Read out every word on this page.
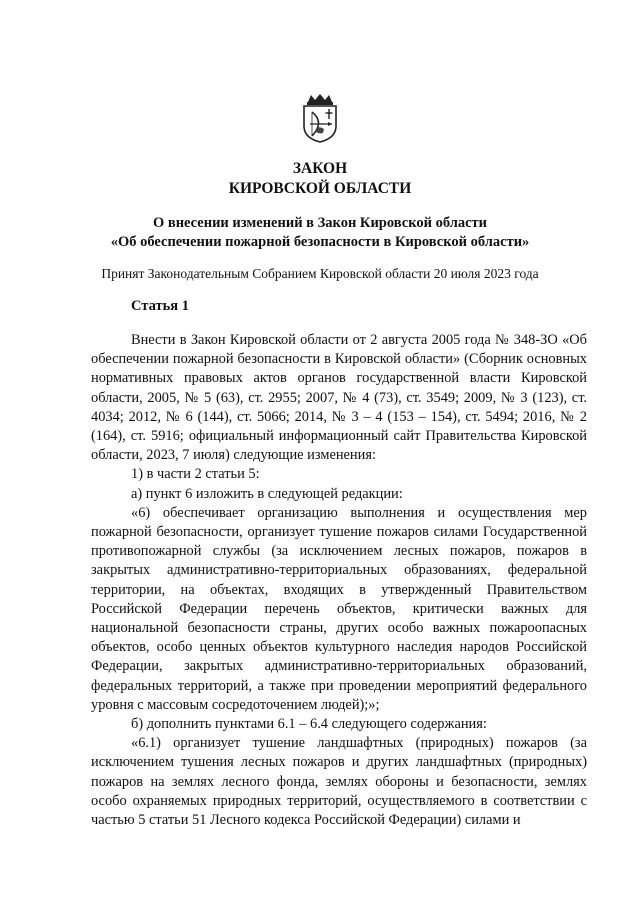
ЗАКОН
КИРОВСКОЙ ОБЛАСТИ
О внесении изменений в Закон Кировской области
«Об обеспечении пожарной безопасности в Кировской области»
Принят Законодательным Собранием Кировской области 20 июля 2023 года
Статья 1

Внести в Закон Кировской области от 2 августа 2005 года № 348-ЗО «Об обеспечении пожарной безопасности в Кировской области» (Сборник основных нормативных правовых актов органов государственной власти Кировской области, 2005, № 5 (63), ст. 2955; 2007, № 4 (73), ст. 3549; 2009, № 3 (123), ст. 4034; 2012, № 6 (144), ст. 5066; 2014, № 3 – 4 (153 – 154), ст. 5494; 2016, № 2 (164), ст. 5916; официальный информационный сайт Правительства Кировской области, 2023, 7 июля) следующие изменения:

1) в части 2 статьи 5:

а) пункт 6 изложить в следующей редакции:

«6) обеспечивает организацию выполнения и осуществления мер пожарной безопасности, организует тушение пожаров силами Государственной противопожарной службы (за исключением лесных пожаров, пожаров в закрытых административно-территориальных образованиях, федеральной территории, на объектах, входящих в утвержденный Правительством Российской Федерации перечень объектов, критически важных для национальной безопасности страны, других особо важных пожароопасных объектов, особо ценных объектов культурного наследия народов Российской Федерации, закрытых административно-территориальных образований, федеральных территорий, а также при проведении мероприятий федерального уровня с массовым сосредоточением людей);»;

б) дополнить пунктами 6.1 – 6.4 следующего содержания:

«6.1) организует тушение ландшафтных (природных) пожаров (за исключением тушения лесных пожаров и других ландшафтных (природных) пожаров на землях лесного фонда, землях обороны и безопасности, землях особо охраняемых природных территорий, осуществляемого в соответствии с частью 5 статьи 51 Лесного кодекса Российской Федерации) силами и
